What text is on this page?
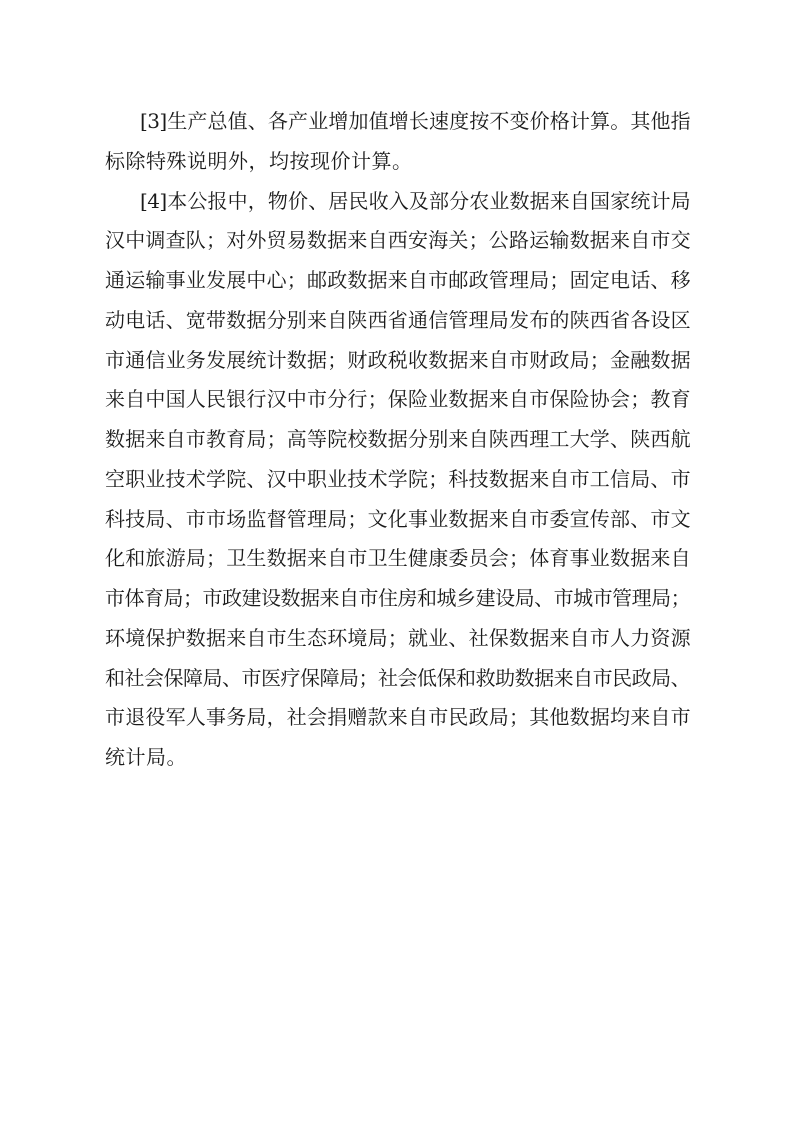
[3]生产总值、各产业增加值增长速度按不变价格计算。其他指
标除特殊说明外，均按现价计算。
[4]本公报中，物价、居民收入及部分农业数据来自国家统计局
汉中调查队；对外贸易数据来自西安海关；公路运输数据来自市交
通运输事业发展中心；邮政数据来自市邮政管理局；固定电话、移
动电话、宽带数据分别来自陕西省通信管理局发布的陕西省各设区
市通信业务发展统计数据；财政税收数据来自市财政局；金融数据
来自中国人民银行汉中市分行；保险业数据来自市保险协会；教育
数据来自市教育局；高等院校数据分别来自陕西理工大学、陕西航
空职业技术学院、汉中职业技术学院；科技数据来自市工信局、市
科技局、市市场监督管理局；文化事业数据来自市委宣传部、市文
化和旅游局；卫生数据来自市卫生健康委员会；体育事业数据来自
市体育局；市政建设数据来自市住房和城乡建设局、市城市管理局；
环境保护数据来自市生态环境局；就业、社保数据来自市人力资源
和社会保障局、市医疗保障局；社会低保和救助数据来自市民政局、
市退役军人事务局，社会捐赠款来自市民政局；其他数据均来自市
统计局。
